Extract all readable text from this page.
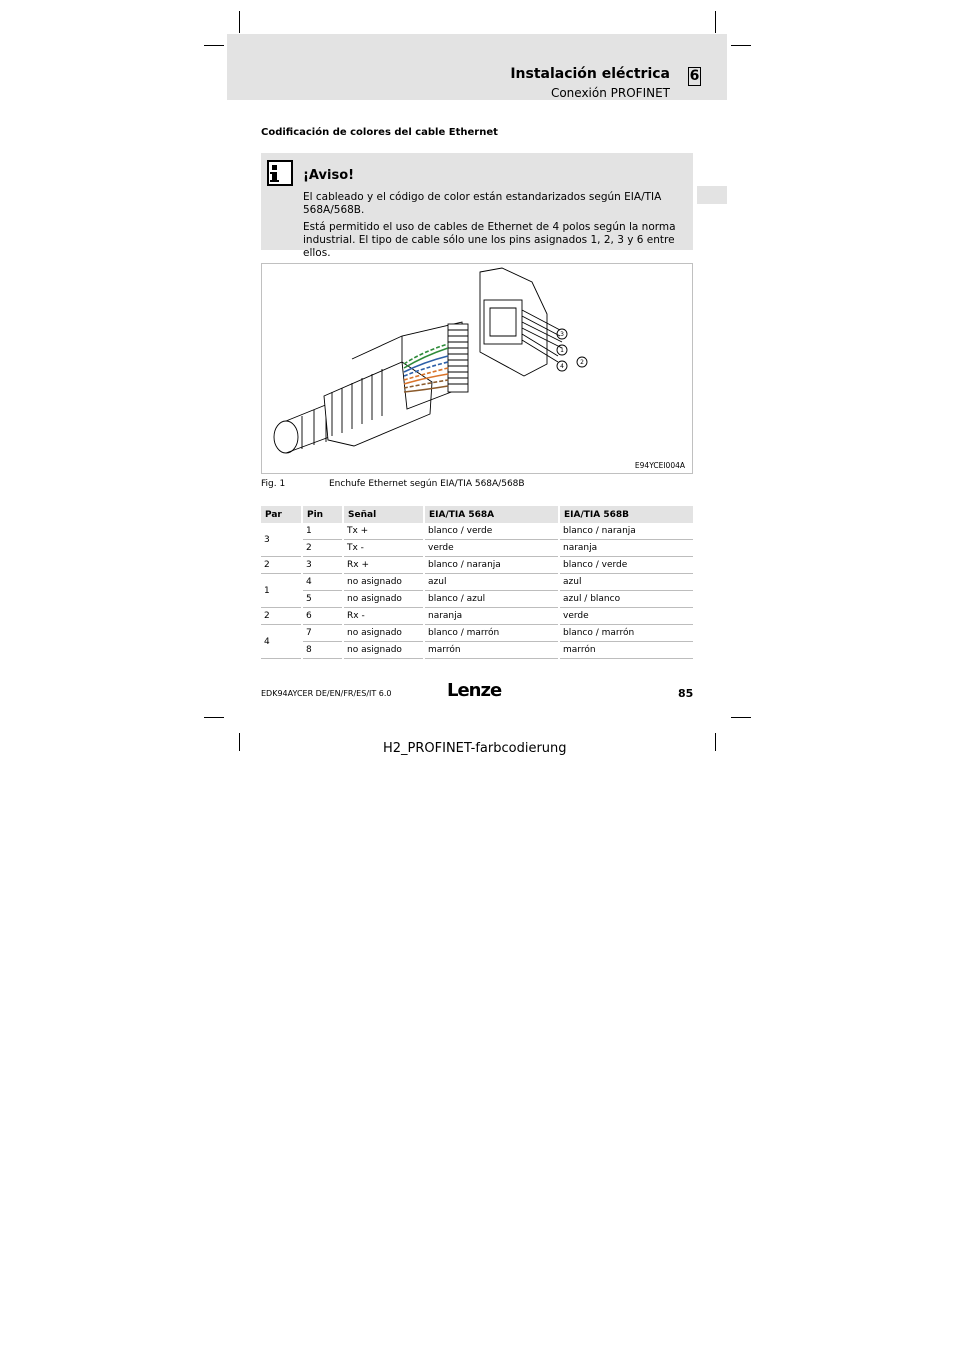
Instalación eléctrica
Conexión PROFINET
6
Codificación de colores del cable Ethernet
¡Aviso!
El cableado y el código de color están estandarizados según EIA/TIA 568A/568B.
Está permitido el uso de cables de Ethernet de 4 polos según la norma industrial. El tipo de cable sólo une los pins asignados 1, 2, 3 y 6 entre ellos.
3
1
2
4
E94YCEI004A
Fig. 1	Enchufe Ethernet según EIA/TIA 568A/568B
Par	Pin	Señal	EIA/TIA 568A	EIA/TIA 568B
3	1	Tx +	blanco / verde	blanco / naranja
	2	Tx -	verde	naranja
2	3	Rx +	blanco / naranja	blanco / verde
1	4	no asignado	azul	azul
	5	no asignado	blanco / azul	azul / blanco
2	6	Rx -	naranja	verde
4	7	no asignado	blanco / marrón	blanco / marrón
	8	no asignado	marrón	marrón
EDK94AYCER DE/EN/FR/ES/IT 6.0	Lenze	85
H2_PROFINET-farbcodierung
